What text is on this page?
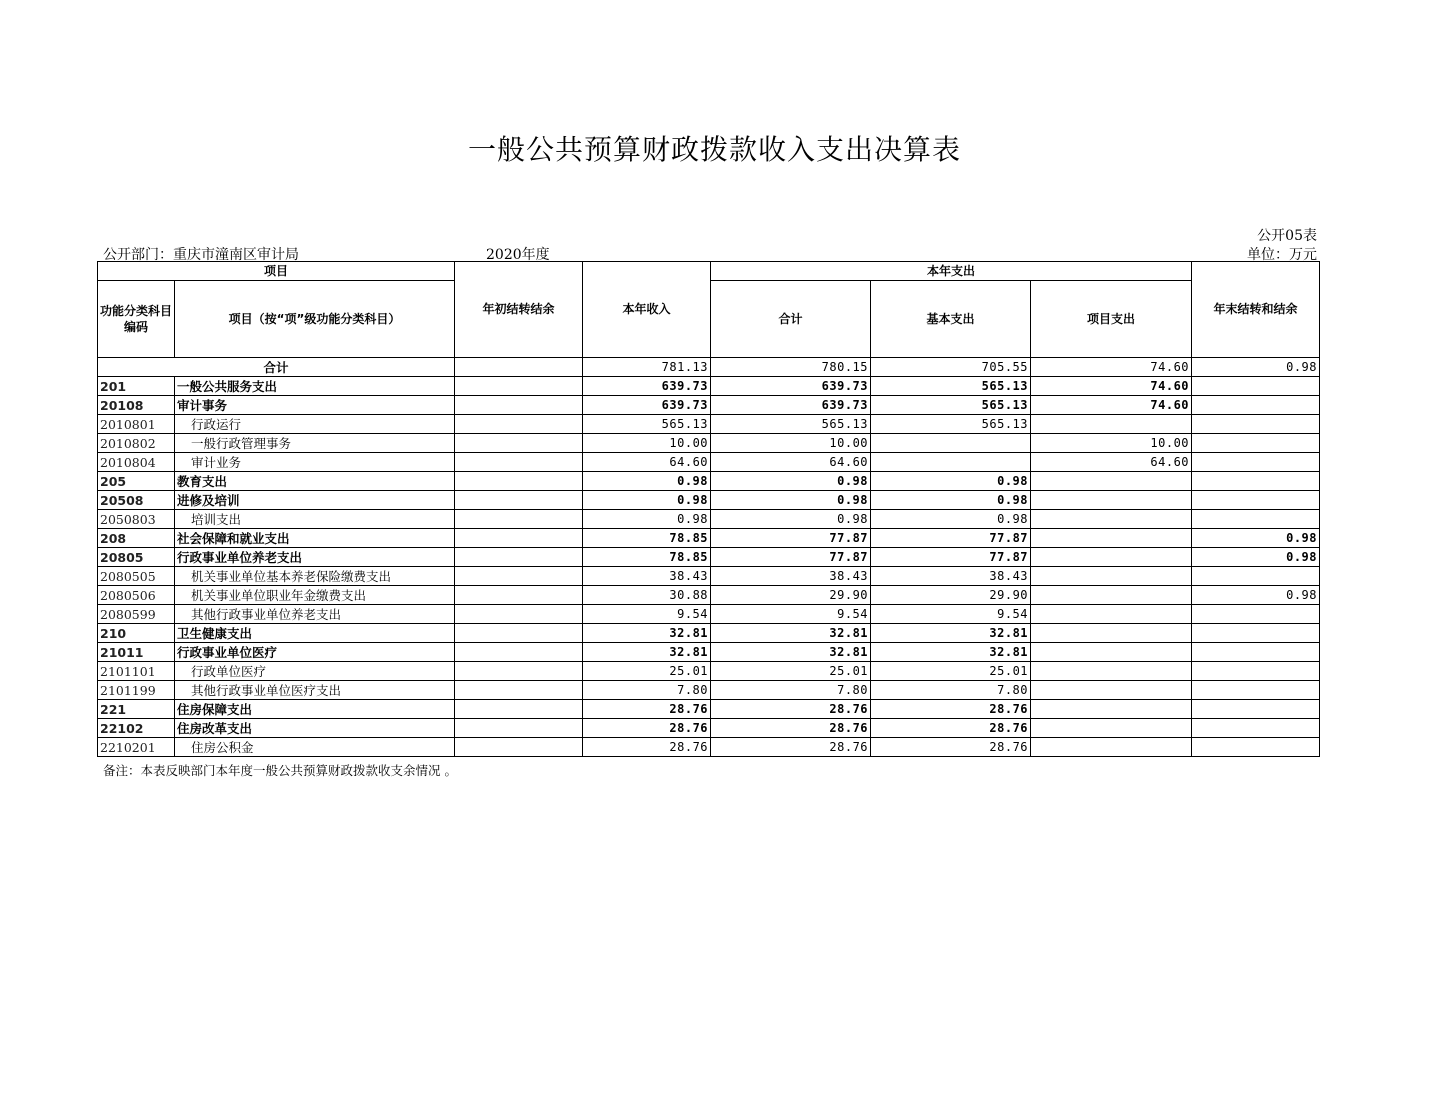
一般公共预算财政拨款收入支出决算表
公开05表
公开部门：重庆市潼南区审计局	2020年度	单位：万元
项目		年初结转结余	本年收入	本年支出			年末结转和结余
功能分类科目编码	项目（按“项”级功能分类科目）			合计	基本支出	项目支出	
合计			781.13	780.15	705.55	74.60	0.98
201	一般公共服务支出		639.73	639.73	565.13	74.60	
20108	审计事务		639.73	639.73	565.13	74.60	
2010801	行政运行		565.13	565.13	565.13		
2010802	一般行政管理事务		10.00	10.00		10.00	
2010804	审计业务		64.60	64.60		64.60	
205	教育支出		0.98	0.98	0.98		
20508	进修及培训		0.98	0.98	0.98		
2050803	培训支出		0.98	0.98	0.98		
208	社会保障和就业支出		78.85	77.87	77.87		0.98
20805	行政事业单位养老支出		78.85	77.87	77.87		0.98
2080505	机关事业单位基本养老保险缴费支出		38.43	38.43	38.43		
2080506	机关事业单位职业年金缴费支出		30.88	29.90	29.90		0.98
2080599	其他行政事业单位养老支出		9.54	9.54	9.54		
210	卫生健康支出		32.81	32.81	32.81		
21011	行政事业单位医疗		32.81	32.81	32.81		
2101101	行政单位医疗		25.01	25.01	25.01		
2101199	其他行政事业单位医疗支出		7.80	7.80	7.80		
221	住房保障支出		28.76	28.76	28.76		
22102	住房改革支出		28.76	28.76	28.76		
2210201	住房公积金		28.76	28.76	28.76		
备注：本表反映部门本年度一般公共预算财政拨款收支余情况 。
